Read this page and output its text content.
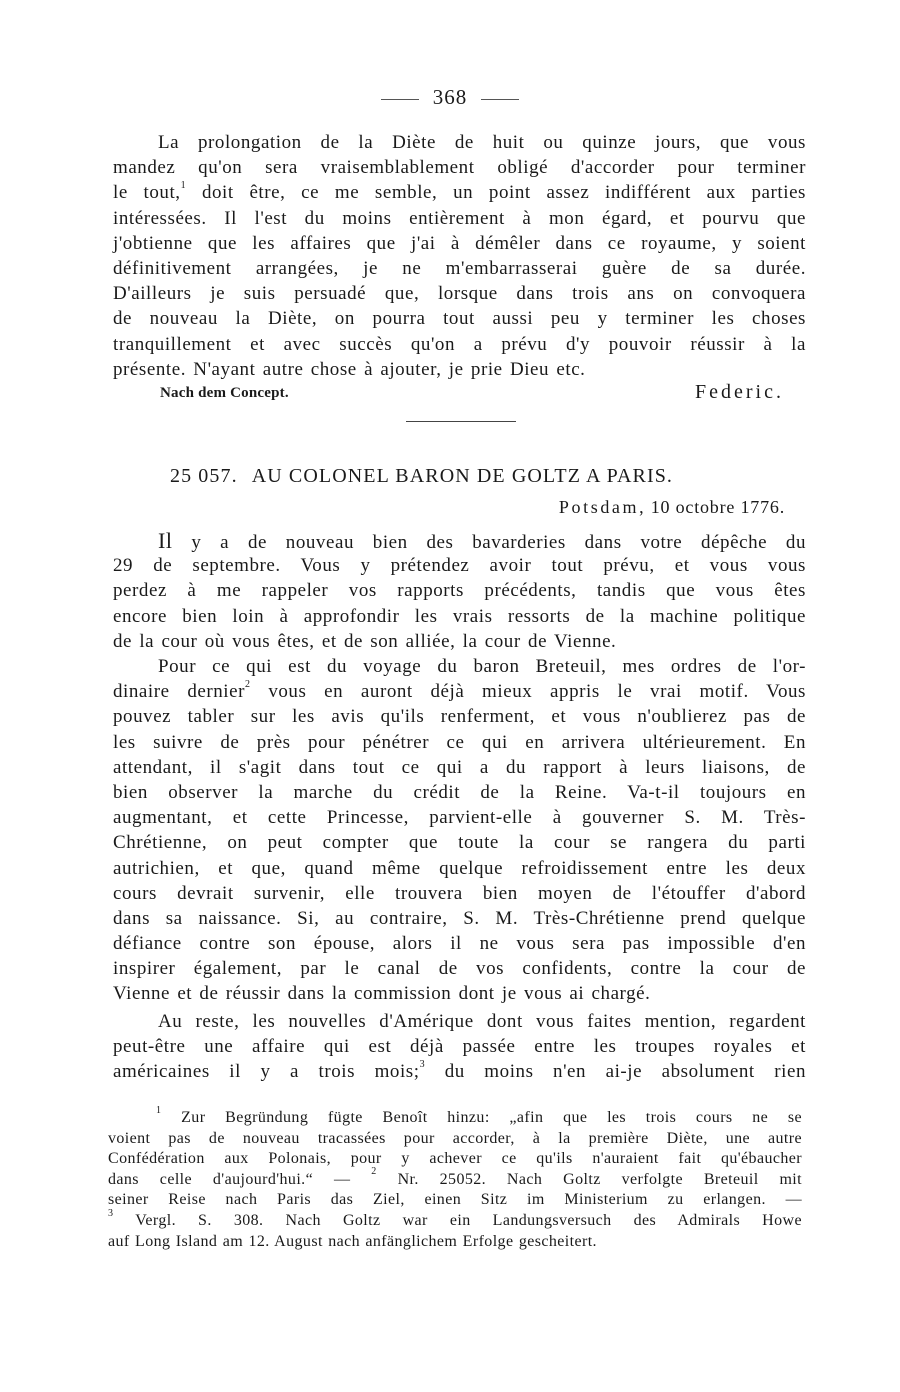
368
La prolongation de la Diète de huit ou quinze jours, que vous
mandez qu'on sera vraisemblablement obligé d'accorder pour terminer
le tout,$^1$ doit être, ce me semble, un point assez indifférent aux parties
intéressées. Il l'est du moins entièrement à mon égard, et pourvu que
j'obtienne que les affaires que j'ai à démêler dans ce royaume, y soient
définitivement arrangées, je ne m'embarrasserai guère de sa durée.
D'ailleurs je suis persuadé que, lorsque dans trois ans on convoquera
de nouveau la Diète, on pourra tout aussi peu y terminer les choses
tranquillement et avec succès qu'on a prévu d'y pouvoir réussir à la
présente. N'ayant autre chose à ajouter, je prie Dieu etc.
Nach dem Concept.	Federic.
25 057. AU COLONEL BARON DE GOLTZ A PARIS.
Potsdam, 10 octobre 1776.
Il y a de nouveau bien des bavarderies dans votre dépêche du
29 de septembre. Vous y prétendez avoir tout prévu, et vous vous
perdez à me rappeler vos rapports précédents, tandis que vous êtes
encore bien loin à approfondir les vrais ressorts de la machine politique
de la cour où vous êtes, et de son alliée, la cour de Vienne.
Pour ce qui est du voyage du baron Breteuil, mes ordres de l'or-
dinaire dernier$^2$ vous en auront déjà mieux appris le vrai motif. Vous
pouvez tabler sur les avis qu'ils renferment, et vous n'oublierez pas de
les suivre de près pour pénétrer ce qui en arrivera ultérieurement. En
attendant, il s'agit dans tout ce qui a du rapport à leurs liaisons, de
bien observer la marche du crédit de la Reine. Va-t-il toujours en
augmentant, et cette Princesse, parvient-elle à gouverner S. M. Très-
Chrétienne, on peut compter que toute la cour se rangera du parti
autrichien, et que, quand même quelque refroidissement entre les deux
cours devrait survenir, elle trouvera bien moyen de l'étouffer d'abord
dans sa naissance. Si, au contraire, S. M. Très-Chrétienne prend quelque
défiance contre son épouse, alors il ne vous sera pas impossible d'en
inspirer également, par le canal de vos confidents, contre la cour de
Vienne et de réussir dans la commission dont je vous ai chargé.
Au reste, les nouvelles d'Amérique dont vous faites mention, regardent
peut-être une affaire qui est déjà passée entre les troupes royales et
américaines il y a trois mois;$^3$ du moins n'en ai-je absolument rien
$^1$ Zur Begründung fügte Benoît hinzu: „afin que les trois cours ne se
voient pas de nouveau tracassées pour accorder, à la première Diète, une autre
Confédération aux Polonais, pour y achever ce qu'ils n'auraient fait qu'ébaucher
dans celle d'aujourd'hui.“ — $^2$ Nr. 25052. Nach Goltz verfolgte Breteuil mit
seiner Reise nach Paris das Ziel, einen Sitz im Ministerium zu erlangen. —
$^3$ Vergl. S. 308. Nach Goltz war ein Landungsversuch des Admirals Howe
auf Long Island am 12. August nach anfänglichem Erfolge gescheitert.
